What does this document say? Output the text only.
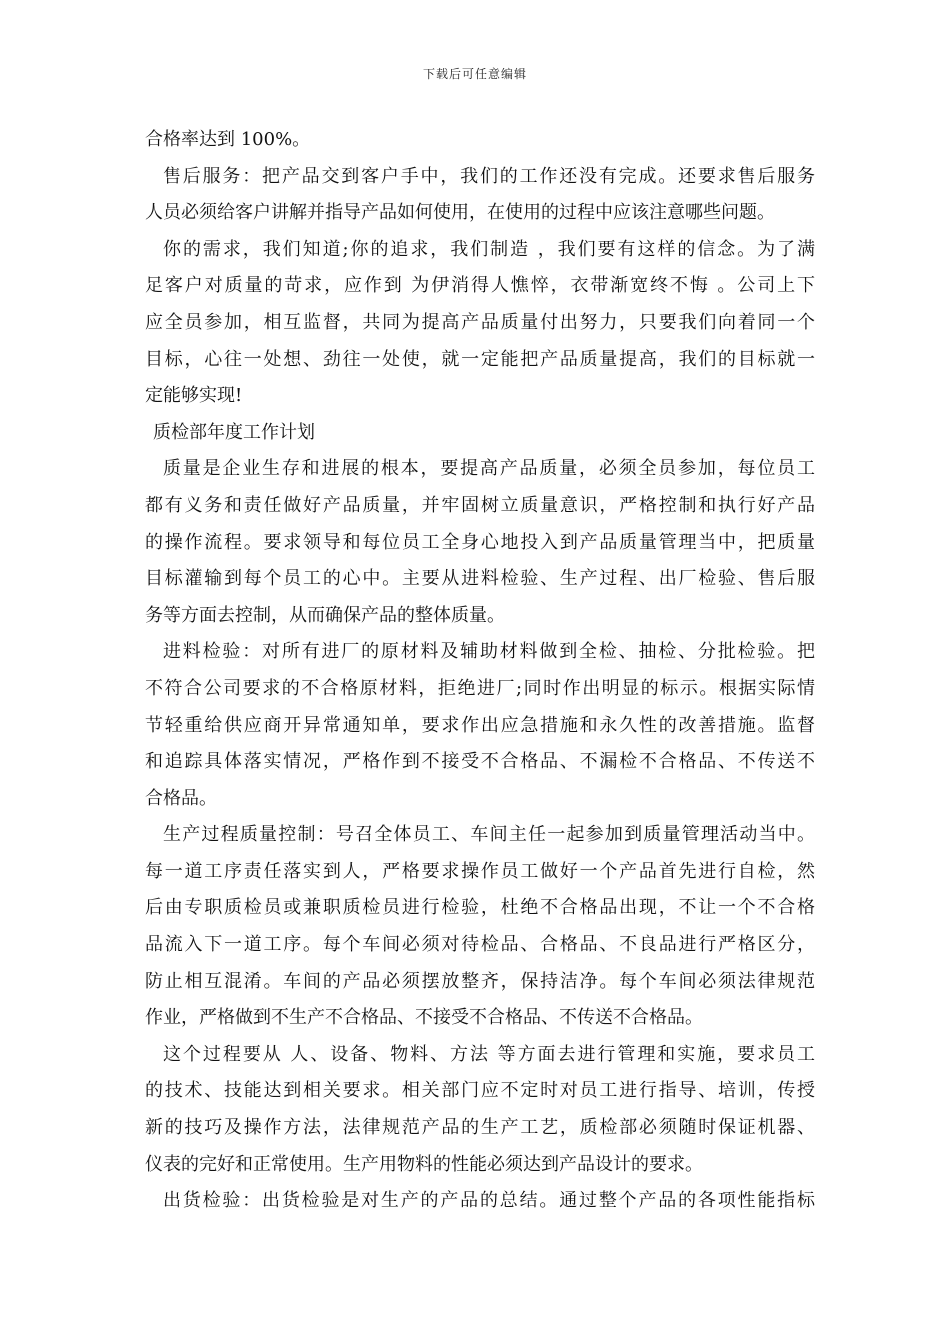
下载后可任意编辑
合格率达到 100%。
售后服务：把产品交到客户手中，我们的工作还没有完成。还要求售后服务
人员必须给客户讲解并指导产品如何使用，在使用的过程中应该注意哪些问题。
你的需求，我们知道;你的追求，我们制造 ，我们要有这样的信念。为了满
足客户对质量的苛求，应作到 为伊消得人憔悴，衣带渐宽终不悔 。公司上下
应全员参加，相互监督，共同为提高产品质量付出努力，只要我们向着同一个
目标，心往一处想、劲往一处使，就一定能把产品质量提高，我们的目标就一
定能够实现!
质检部年度工作计划
质量是企业生存和进展的根本，要提高产品质量，必须全员参加，每位员工
都有义务和责任做好产品质量，并牢固树立质量意识，严格控制和执行好产品
的操作流程。要求领导和每位员工全身心地投入到产品质量管理当中，把质量
目标灌输到每个员工的心中。主要从进料检验、生产过程、出厂检验、售后服
务等方面去控制，从而确保产品的整体质量。
进料检验：对所有进厂的原材料及辅助材料做到全检、抽检、分批检验。把
不符合公司要求的不合格原材料，拒绝进厂;同时作出明显的标示。根据实际情
节轻重给供应商开异常通知单，要求作出应急措施和永久性的改善措施。监督
和追踪具体落实情况，严格作到不接受不合格品、不漏检不合格品、不传送不
合格品。
生产过程质量控制：号召全体员工、车间主任一起参加到质量管理活动当中。
每一道工序责任落实到人，严格要求操作员工做好一个产品首先进行自检，然
后由专职质检员或兼职质检员进行检验，杜绝不合格品出现，不让一个不合格
品流入下一道工序。每个车间必须对待检品、合格品、不良品进行严格区分，
防止相互混淆。车间的产品必须摆放整齐，保持洁净。每个车间必须法律规范
作业，严格做到不生产不合格品、不接受不合格品、不传送不合格品。
这个过程要从 人、设备、物料、方法 等方面去进行管理和实施，要求员工
的技术、技能达到相关要求。相关部门应不定时对员工进行指导、培训，传授
新的技巧及操作方法，法律规范产品的生产工艺，质检部必须随时保证机器、
仪表的完好和正常使用。生产用物料的性能必须达到产品设计的要求。
出货检验：出货检验是对生产的产品的总结。通过整个产品的各项性能指标
